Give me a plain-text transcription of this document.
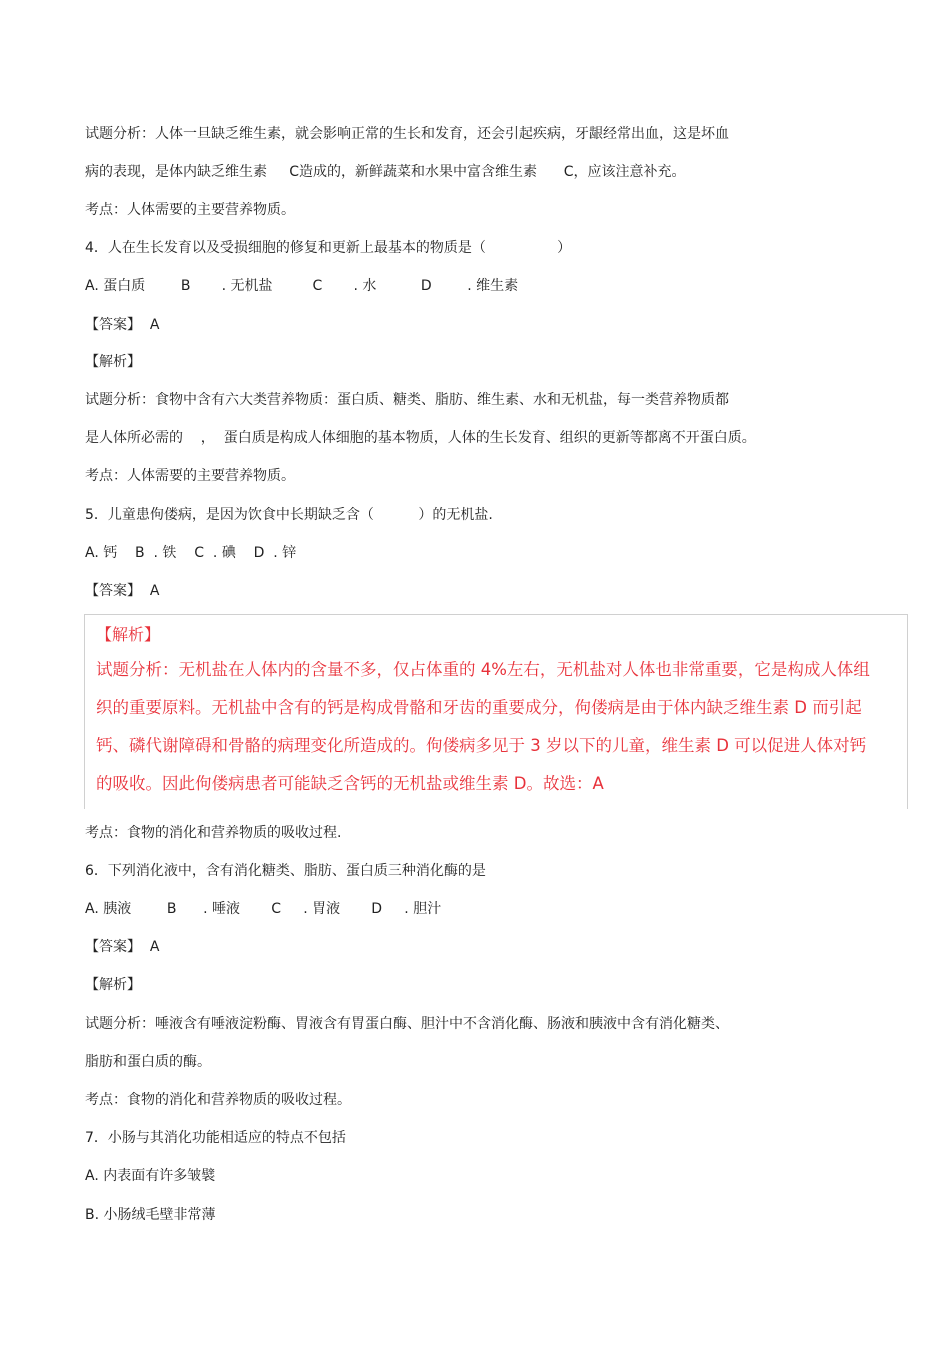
试题分析：人体一旦缺乏维生素，就会影响正常的生长和发育，还会引起疾病，牙龈经常出血，这是坏血
病的表现，是体内缺乏维生素     C造成的，新鲜蔬菜和水果中富含维生素      C，应该注意补充。
考点：人体需要的主要营养物质。
4．人在生长发育以及受损细胞的修复和更新上最基本的物质是（                ）
A. 蛋白质        B       . 无机盐         C       . 水          D        . 维生素
【答案】  A
【解析】
试题分析：食物中含有六大类营养物质：蛋白质、糖类、脂肪、维生素、水和无机盐，每一类营养物质都
是人体所必需的    ，  蛋白质是构成人体细胞的基本物质，人体的生长发育、组织的更新等都离不开蛋白质。
考点：人体需要的主要营养物质。
5．儿童患佝偻病，是因为饮食中长期缺乏含（          ）的无机盐.
A. 钙    B  . 铁    C  . 碘    D  . 锌
【答案】  A
考点：食物的消化和营养物质的吸收过程.
6．下列消化液中，含有消化糖类、脂肪、蛋白质三种消化酶的是
A. 胰液        B      . 唾液       C     . 胃液       D     . 胆汁
【答案】  A
【解析】
试题分析：唾液含有唾液淀粉酶、胃液含有胃蛋白酶、胆汁中不含消化酶、肠液和胰液中含有消化糖类、
脂肪和蛋白质的酶。
考点：食物的消化和营养物质的吸收过程。
7．小肠与其消化功能相适应的特点不包括
A. 内表面有许多皱襞
B. 小肠绒毛壁非常薄
【解析】
试题分析：无机盐在人体内的含量不多，仅占体重的 4%左右，无机盐对人体也非常重要，它是构成人体组
织的重要原料。无机盐中含有的钙是构成骨骼和牙齿的重要成分，佝偻病是由于体内缺乏维生素 D 而引起
钙、磷代谢障碍和骨骼的病理变化所造成的。佝偻病多见于 3 岁以下的儿童，维生素 D 可以促进人体对钙
的吸收。因此佝偻病患者可能缺乏含钙的无机盐或维生素 D。故选：A
